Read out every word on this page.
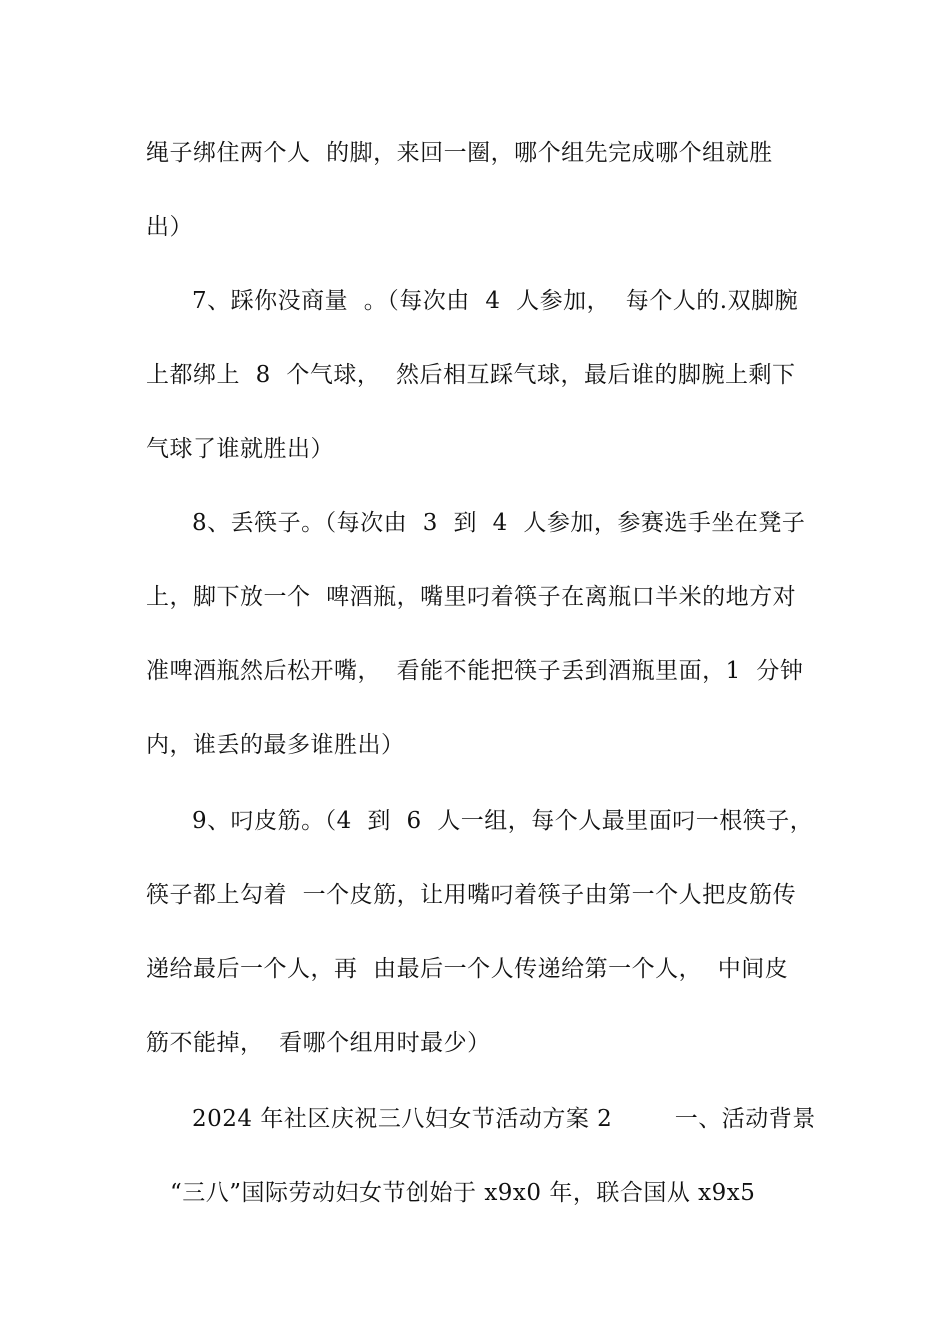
绳子绑住两个人  的脚，来回一圈，哪个组先完成哪个组就胜
出）
7、踩你没商量  。（每次由  4  人参加，  每个人的.双脚腕
上都绑上  8  个气球，  然后相互踩气球，最后谁的脚腕上剩下
气球了谁就胜出）
8、丢筷子。（每次由  3  到  4  人参加，参赛选手坐在凳子
上，脚下放一个  啤酒瓶，嘴里叼着筷子在离瓶口半米的地方对
准啤酒瓶然后松开嘴，  看能不能把筷子丢到酒瓶里面，1  分钟
内，谁丢的最多谁胜出）
9、叼皮筋。（4  到  6  人一组，每个人最里面叼一根筷子，
筷子都上勾着  一个皮筋，让用嘴叼着筷子由第一个人把皮筋传
递给最后一个人，再  由最后一个人传递给第一个人，  中间皮
筋不能掉，  看哪个组用时最少）
2024 年社区庆祝三八妇女节活动方案 2        一、活动背景
“三八”国际劳动妇女节创始于 x9x0 年，联合国从 x9x5
